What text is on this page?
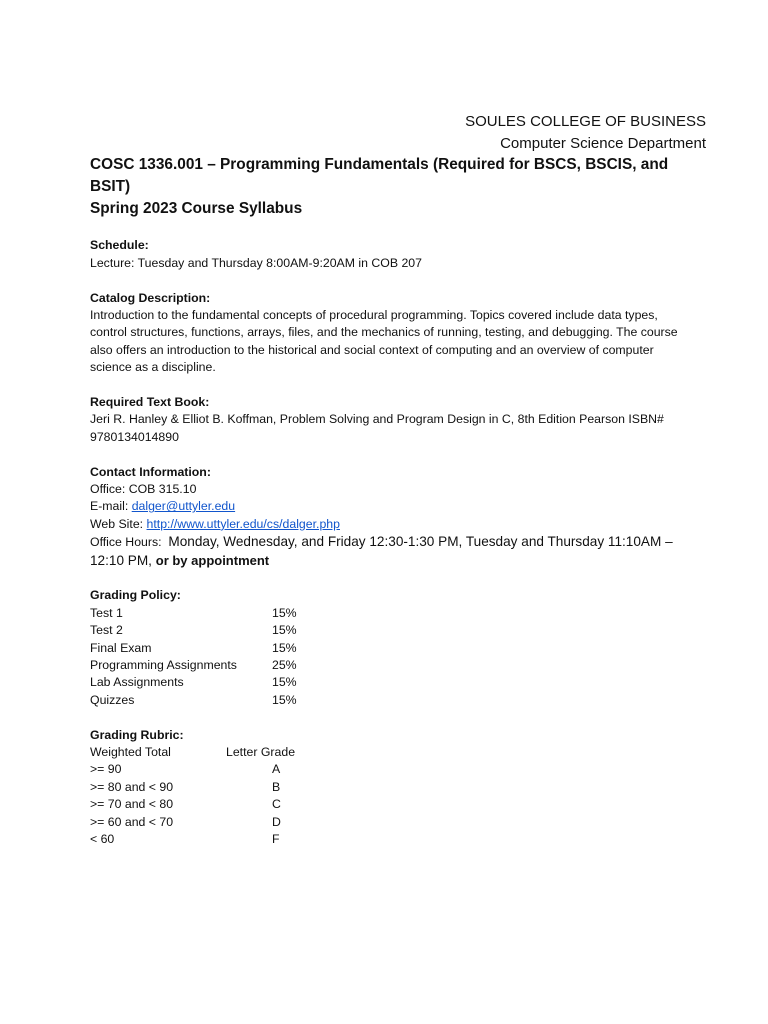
SOULES COLLEGE OF BUSINESS
Computer Science Department
COSC 1336.001 – Programming Fundamentals (Required for BSCS, BSCIS, and BSIT)
Spring 2023 Course Syllabus
Schedule:
Lecture: Tuesday and Thursday 8:00AM-9:20AM in COB 207
Catalog Description:
Introduction to the fundamental concepts of procedural programming. Topics covered include data types, control structures, functions, arrays, files, and the mechanics of running, testing, and debugging. The course also offers an introduction to the historical and social context of computing and an overview of computer science as a discipline.
Required Text Book:
Jeri R. Hanley & Elliot B. Koffman, Problem Solving and Program Design in C, 8th Edition Pearson ISBN# 9780134014890
Contact Information:
Office: COB 315.10
E-mail: dalger@uttyler.edu
Web Site: http://www.uttyler.edu/cs/dalger.php
Office Hours: Monday, Wednesday, and Friday 12:30-1:30 PM, Tuesday and Thursday 11:10AM – 12:10 PM, or by appointment
Grading Policy:
Test 1	15%
Test 2	15%
Final Exam	15%
Programming Assignments	25%
Lab Assignments	15%
Quizzes	15%
Grading Rubric:
Weighted Total	Letter Grade
>= 90	A
>= 80 and < 90	B
>= 70 and < 80	C
>= 60 and < 70	D
< 60	F
